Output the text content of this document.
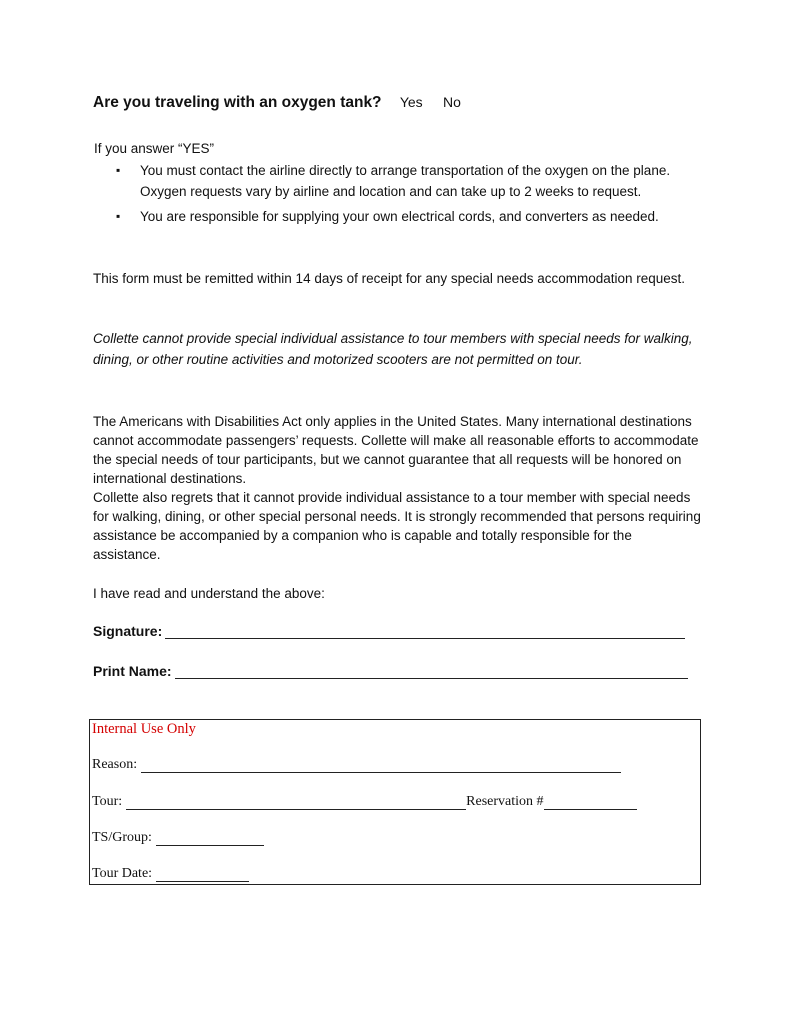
Are you traveling with an oxygen tank? Yes No
If you answer “YES”
▪ You must contact the airline directly to arrange transportation of the oxygen on the plane. Oxygen requests vary by airline and location and can take up to 2 weeks to request.
▪ You are responsible for supplying your own electrical cords, and converters as needed.

This form must be remitted within 14 days of receipt for any special needs accommodation request.

Collette cannot provide special individual assistance to tour members with special needs for walking, dining, or other routine activities and motorized scooters are not permitted on tour.

The Americans with Disabilities Act only applies in the United States. Many international destinations cannot accommodate passengers’ requests. Collette will make all reasonable efforts to accommodate the special needs of tour participants, but we cannot guarantee that all requests will be honored on international destinations.
Collette also regrets that it cannot provide individual assistance to a tour member with special needs for walking, dining, or other special personal needs. It is strongly recommended that persons requiring assistance be accompanied by a companion who is capable and totally responsible for the assistance.

I have read and understand the above:

Signature:
Print Name:
Internal Use Only
Reason:
Tour:	Reservation #
TS/Group:
Tour Date:
